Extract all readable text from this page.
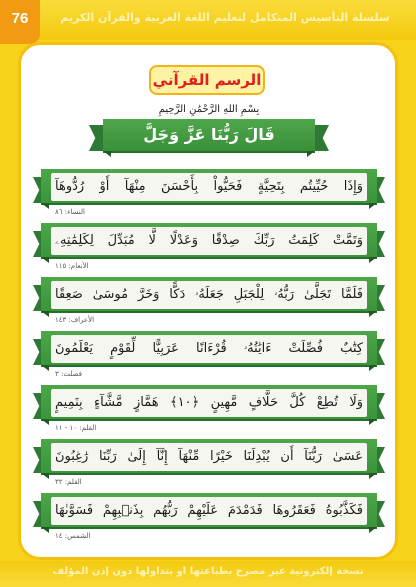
سلسلة التأسيس المتكامل لتعليم اللغة العربية والقرآن الكريم
76
الرسم القرآني
بِسْمِ اللهِ الرَّحْمَٰنِ الرَّحِيمِ
قَالَ رَبُّنَا عَزَّ وَجَلَّ
وَإِذَا حُيِّيتُم بِتَحِيَّةٍ فَحَيُّواْ بِأَحْسَنَ مِنْهَآ أَوْ رُدُّوهَآ
النساء: ٨٦
وَتَمَّتْ كَلِمَتُ رَبِّكَ صِدْقًا وَعَدْلًا لَّا مُبَدِّلَ لِكَلِمَٰتِهِۦ
الأنعام: ١١٥
فَلَمَّا تَجَلَّىٰ رَبُّهُۥ لِلْجَبَلِ جَعَلَهُۥ دَكًّا وَخَرَّ مُوسَىٰ صَعِقًا
الأعراف: ١٤٣
كِتَٰبٌ فُصِّلَتْ ءَايَٰتُهُۥ قُرْءَانًا عَرَبِيًّا لِّقَوْمٍ يَعْلَمُونَ
فصلت: ٣
وَلَا تُطِعْ كُلَّ حَلَّافٍ مَّهِينٍ ﴿١٠﴾ هَمَّازٍ مَّشَّآءٍ بِنَمِيمٍ
القلم: ١٠ - ١١
عَسَىٰ رَبُّنَآ أَن يُبْدِلَنَا خَيْرًا مِّنْهَآ إِنَّآ إِلَىٰ رَبِّنَا رَٰغِبُونَ
القلم: ٣٢
فَكَذَّبُوهُ فَعَقَرُوهَا فَدَمْدَمَ عَلَيْهِمْ رَبُّهُم بِذَنۢبِهِمْ فَسَوَّىٰهَا
الشمس: ١٤
نسخة إلكترونية غير مصرح بطباعتها أو بتداولها دون إذن المؤلف
